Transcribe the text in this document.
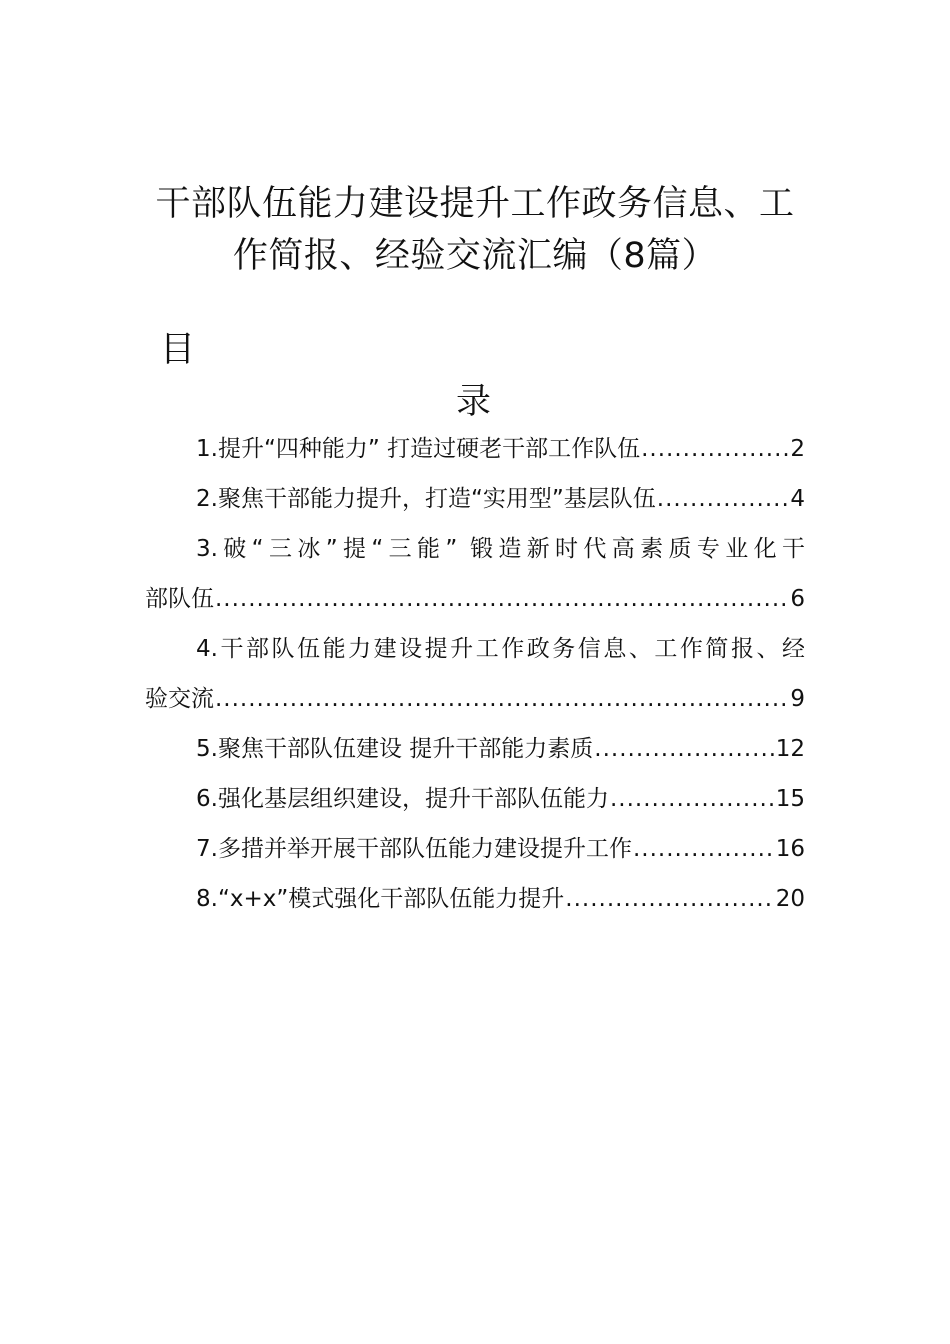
干部队伍能力建设提升工作政务信息、工作简报、经验交流汇编（8篇）
目
录
1.提升“四种能力” 打造过硬老干部工作队伍 .....	2
2.聚焦干部能力提升，打造“实用型”基层队伍 .....	4
3.破“三冰”提“三能” 锻造新时代高素质专业化干
部队伍 .....	6
4.干部队伍能力建设提升工作政务信息、工作简报、经
验交流 .....	9
5.聚焦干部队伍建设 提升干部能力素质 .....	12
6.强化基层组织建设，提升干部队伍能力 .....	15
7.多措并举开展干部队伍能力建设提升工作 .....	16
8.“x+x”模式强化干部队伍能力提升 .....	20
